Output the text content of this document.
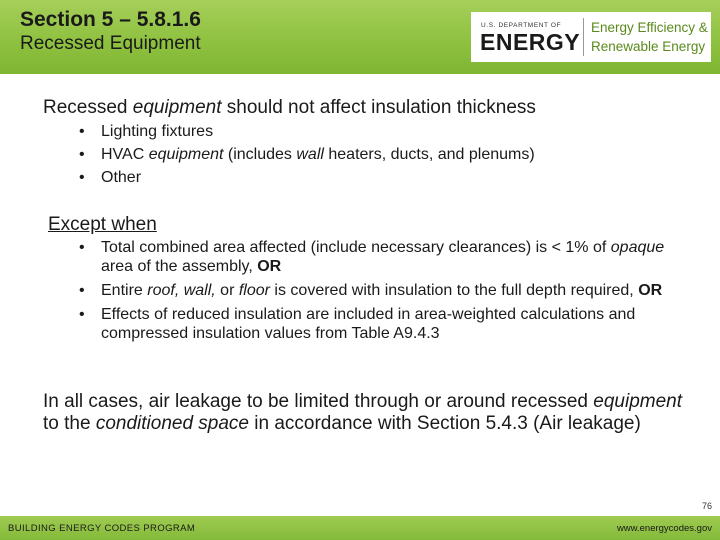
Section 5 – 5.8.1.6
Recessed Equipment
U.S. DEPARTMENT OF
ENERGY
Energy Efficiency &
Renewable Energy
Recessed equipment should not affect insulation thickness
• Lighting fixtures
• HVAC equipment (includes wall heaters, ducts, and plenums)
• Other
Except when
• Total combined area affected (include necessary clearances) is < 1% of opaque area of the assembly, OR
• Entire roof, wall, or floor is covered with insulation to the full depth required, OR
• Effects of reduced insulation are included in area-weighted calculations and compressed insulation values from Table A9.4.3
In all cases, air leakage to be limited through or around recessed equipment to the conditioned space in accordance with Section 5.4.3 (Air leakage)
76
BUILDING ENERGY CODES PROGRAM	www.energycodes.gov
